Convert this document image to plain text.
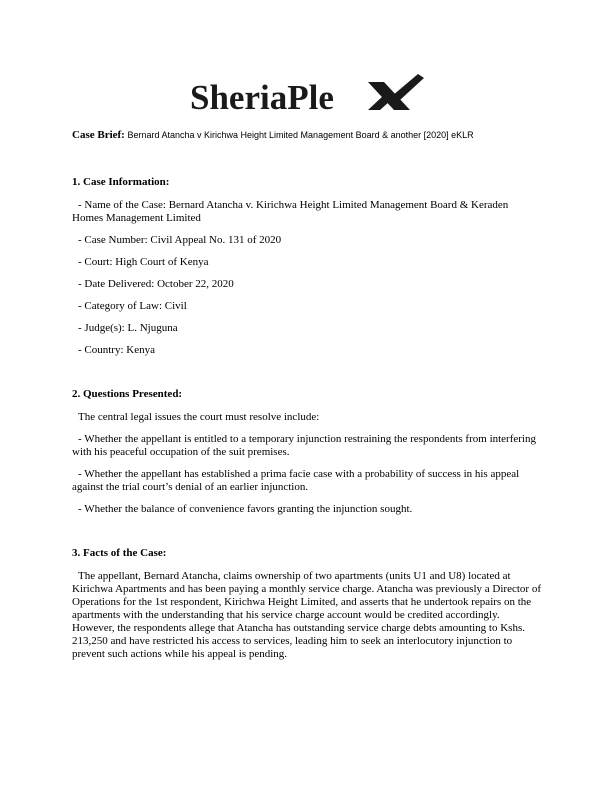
SheriaPle
Case Brief: Bernard Atancha v Kirichwa Height Limited Management Board & another [2020] eKLR
1. Case Information:

- Name of the Case: Bernard Atancha v. Kirichwa Height Limited Management Board & Keraden Homes Management Limited

- Case Number: Civil Appeal No. 131 of 2020

- Court: High Court of Kenya

- Date Delivered: October 22, 2020

- Category of Law: Civil

- Judge(s): L. Njuguna

- Country: Kenya

2. Questions Presented:

The central legal issues the court must resolve include:

- Whether the appellant is entitled to a temporary injunction restraining the respondents from interfering with his peaceful occupation of the suit premises.

- Whether the appellant has established a prima facie case with a probability of success in his appeal against the trial court’s denial of an earlier injunction.

- Whether the balance of convenience favors granting the injunction sought.

3. Facts of the Case:

The appellant, Bernard Atancha, claims ownership of two apartments (units U1 and U8) located at Kirichwa Apartments and has been paying a monthly service charge. Atancha was previously a Director of Operations for the 1st respondent, Kirichwa Height Limited, and asserts that he undertook repairs on the apartments with the understanding that his service charge account would be credited accordingly. However, the respondents allege that Atancha has outstanding service charge debts amounting to Kshs. 213,250 and have restricted his access to services, leading him to seek an interlocutory injunction to prevent such actions while his appeal is pending.
